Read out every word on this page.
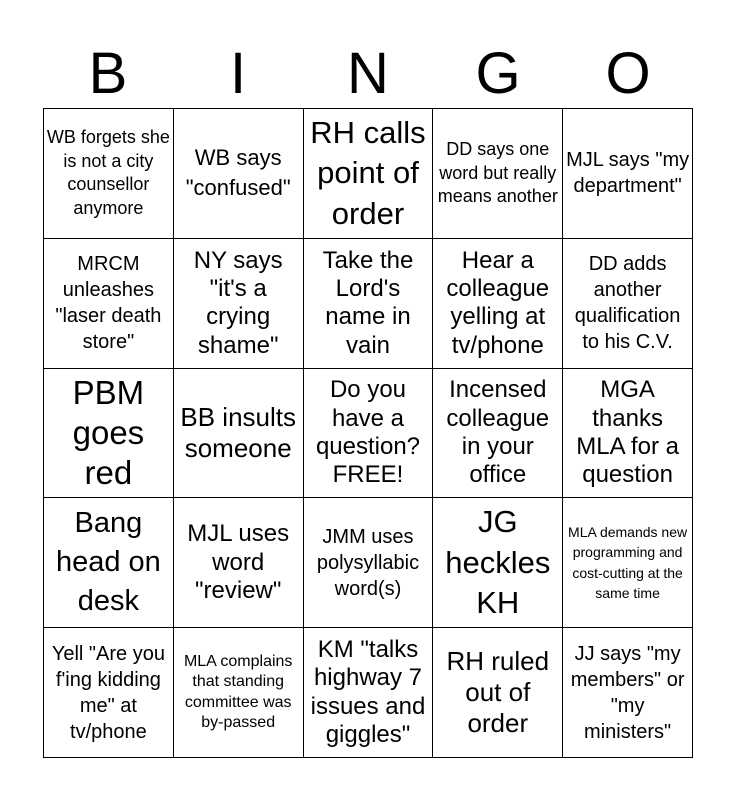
B	I	N	G	O
WB forgets she is not a city counsellor anymore
WB says "confused"
RH calls point of order
DD says one word but really means another
MJL says "my department"
MRCM unleashes "laser death store"
NY says "it's a crying shame"
Take the Lord's name in vain
Hear a colleague yelling at tv/phone
DD adds another qualification to his C.V.
PBM goes red
BB insults someone
Do you have a question? FREE!
Incensed colleague in your office
MGA thanks MLA for a question
Bang head on desk
MJL uses word "review"
JMM uses polysyllabic word(s)
JG heckles KH
MLA demands new programming and cost-cutting at the same time
Yell "Are you f'ing kidding me" at tv/phone
MLA complains that standing committee was by-passed
KM "talks highway 7 issues and giggles"
RH ruled out of order
JJ says "my members" or "my ministers"
